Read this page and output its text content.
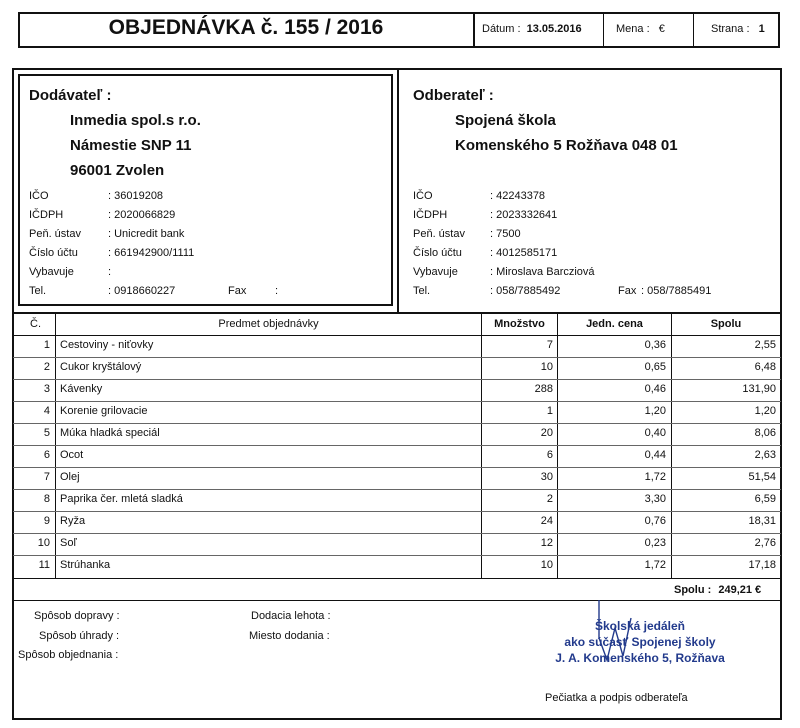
OBJEDNÁVKA č. 155 / 2016	Dátum : 13.05.2016	Mena : €	Strana : 1
Dodávateľ :
Inmedia spol.s r.o.
Námestie SNP 11
96001 Zvolen
IČO	: 36019208
IČDPH	: 2020066829
Peň. ústav : Unicredit bank
Číslo účtu	: 661942900/1111
Vybavuje	:
Tel.	: 0918660227	Fax	:
Odberateľ :
Spojená škola
Komenského 5 Rožňava 048 01
IČO	: 42243378
IČDPH	: 2023332641
Peň. ústav : 7500
Číslo účtu	: 4012585171
Vybavuje	: Miroslava Barcziová
Tel.	: 058/7885492	Fax : 058/7885491
Č.	Predmet objednávky	Množstvo	Jedn. cena	Spolu
1 Cestoviny - niťovky	7	0,36	2,55
2 Cukor kryštálový	10	0,65	6,48
3 Kávenky	288	0,46	131,90
4 Korenie grilovacie	1	1,20	1,20
5 Múka hladká speciál	20	0,40	8,06
6 Ocot	6	0,44	2,63
7 Olej	30	1,72	51,54
8 Paprika čer. mletá sladká	2	3,30	6,59
9 Ryža	24	0,76	18,31
10 Soľ	12	0,23	2,76
11 Strúhanka	10	1,72	17,18
Spolu : 249,21 €
Spôsob dopravy :
Spôsob úhrady :
Spôsob objednania :
Dodacia lehota :
Miesto dodania :
Školská jedáleň
ako súčasť Spojenej školy
J. A. Komenského 5, Rožňava
Pečiatka a podpis odberateľa
